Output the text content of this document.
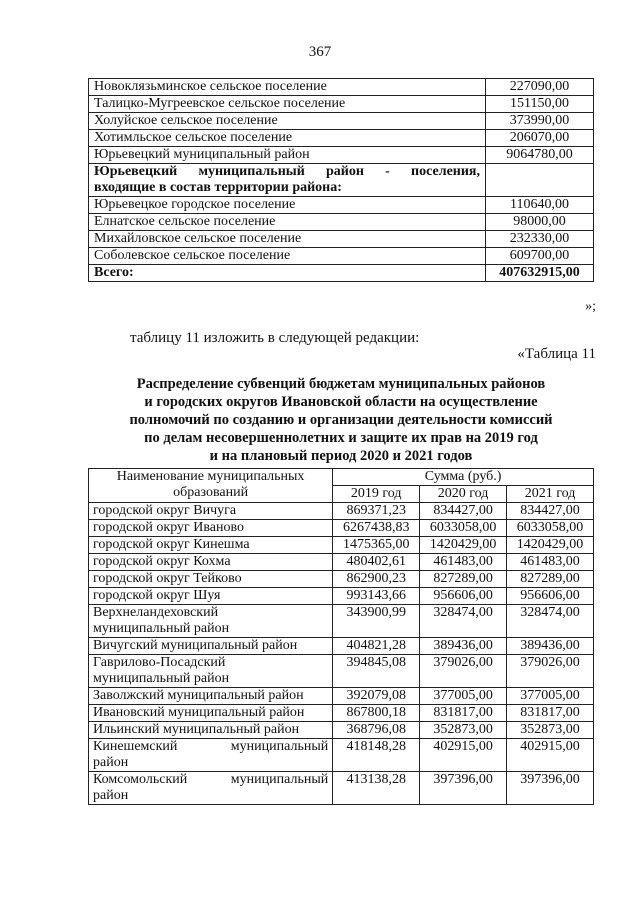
367
Новоклязьминское сельское поселение	227090,00
Талицко-Мугреевское сельское поселение	151150,00
Холуйское сельское поселение	373990,00
Хотимльское сельское поселение	206070,00
Юрьевецкий муниципальный район	9064780,00

Юрьевецкий муниципальный район - поселения,
входящие в состав территории района:	

Юрьевецкое городское поселение	110640,00
Елнатское сельское поселение	98000,00
Михайловское сельское поселение	232330,00
Соболевское сельское поселение	609700,00
Всего:	407632915,00
»;
таблицу 11 изложить в следующей редакции:
«Таблица 11
Распределение субвенций бюджетам муниципальных районов
и городских округов Ивановской области на осуществление
полномочий по созданию и организации деятельности комиссий
по делам несовершеннолетних и защите их прав на 2019 год
и на плановый период 2020 и 2021 годов
Наименование муниципальных
образований	Сумма (руб.)		
	2019 год	2020 год	2021 год
городской округ Вичуга	869371,23	834427,00	834427,00
городской округ Иваново	6267438,83	6033058,00	6033058,00
городской округ Кинешма	1475365,00	1420429,00	1420429,00
городской округ Кохма	480402,61	461483,00	461483,00
городской округ Тейково	862900,23	827289,00	827289,00
городской округ Шуя	993143,66	956606,00	956606,00

Верхнеландеховский
муниципальный район	343900,99	328474,00	328474,00
Вичугский муниципальный район	404821,28	389436,00	389436,00

Гаврилово-Посадский
муниципальный район	394845,08	379026,00	379026,00
Заволжский муниципальный район	392079,08	377005,00	377005,00
Ивановский муниципальный район	867800,18	831817,00	831817,00
Ильинский муниципальный район	368796,08	352873,00	352873,00

Кинешемский муниципальный
район	418148,28	402915,00	402915,00

Комсомольский муниципальный
район	413138,28	397396,00	397396,00
